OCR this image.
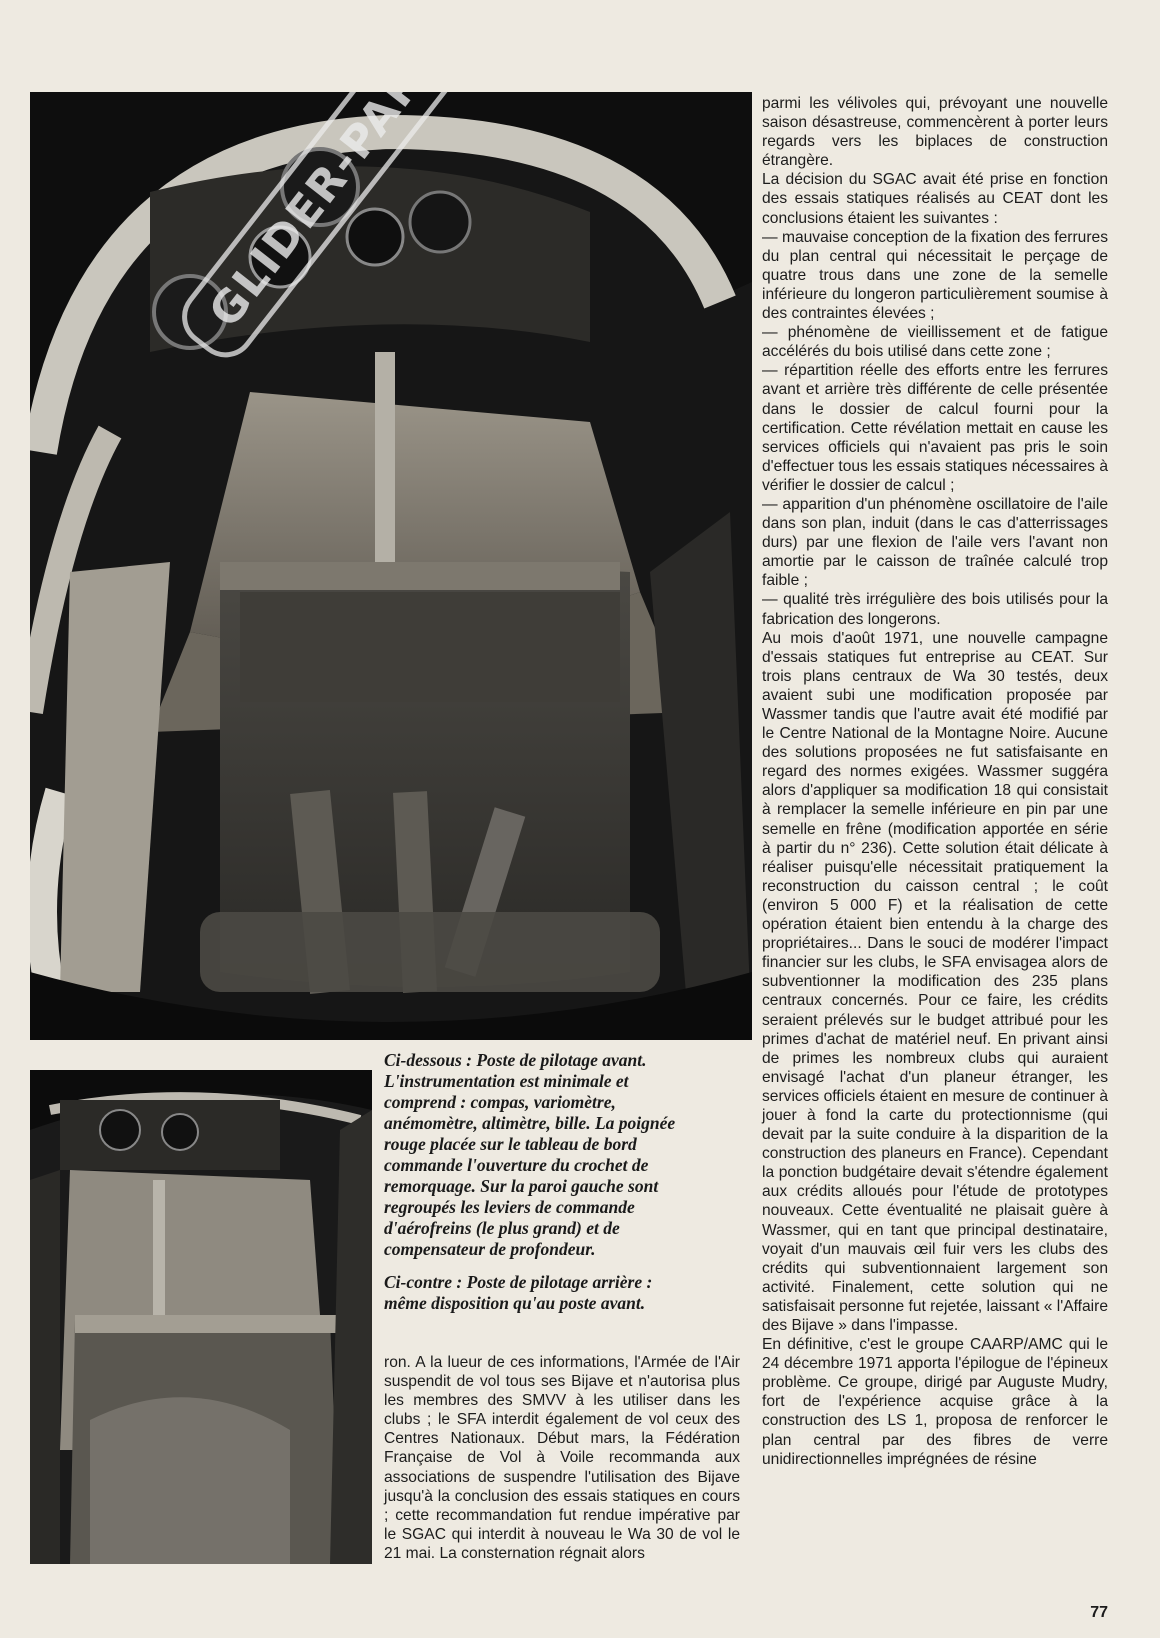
parmi les vélivoles qui, prévoyant une nouvelle saison désastreuse, commencèrent à porter leurs regards vers les biplaces de construction étrangère.

La décision du SGAC avait été prise en fonction des essais statiques réalisés au CEAT dont les conclusions étaient les suivantes :

— mauvaise conception de la fixation des ferrures du plan central qui nécessitait le perçage de quatre trous dans une zone de la semelle inférieure du longeron particulièrement soumise à des contraintes élevées ;

— phénomène de vieillissement et de fatigue accélérés du bois utilisé dans cette zone ;

— répartition réelle des efforts entre les ferrures avant et arrière très différente de celle présentée dans le dossier de calcul fourni pour la certification. Cette révélation mettait en cause les services officiels qui n'avaient pas pris le soin d'effectuer tous les essais statiques nécessaires à vérifier le dossier de calcul ;

— apparition d'un phénomène oscillatoire de l'aile dans son plan, induit (dans le cas d'atterrissages durs) par une flexion de l'aile vers l'avant non amortie par le caisson de traînée calculé trop faible ;

— qualité très irrégulière des bois utilisés pour la fabrication des longerons.

Au mois d'août 1971, une nouvelle campagne d'essais statiques fut entreprise au CEAT. Sur trois plans centraux de Wa 30 testés, deux avaient subi une modification proposée par Wassmer tandis que l'autre avait été modifié par le Centre National de la Montagne Noire. Aucune des solutions proposées ne fut satisfaisante en regard des normes exigées. Wassmer suggéra alors d'appliquer sa modification 18 qui consistait à remplacer la semelle inférieure en pin par une semelle en frêne (modification apportée en série à partir du n° 236). Cette solution était délicate à réaliser puisqu'elle nécessitait pratiquement la reconstruction du caisson central ; le coût (environ 5 000 F) et la réalisation de cette opération étaient bien entendu à la charge des propriétaires... Dans le souci de modérer l'impact financier sur les clubs, le SFA envisagea alors de subventionner la modification des 235 plans centraux concernés. Pour ce faire, les crédits seraient prélevés sur le budget attribué pour les primes d'achat de matériel neuf. En privant ainsi de primes les nombreux clubs qui auraient envisagé l'achat d'un planeur étranger, les services officiels étaient en mesure de continuer à jouer à fond la carte du protectionnisme (qui devait par la suite conduire à la disparition de la construction des planeurs en France). Cependant la ponction budgétaire devait s'étendre également aux crédits alloués pour l'étude de prototypes nouveaux. Cette éventualité ne plaisait guère à Wassmer, qui en tant que principal destinataire, voyait d'un mauvais œil fuir vers les clubs des crédits qui subventionnaient largement son activité. Finalement, cette solution qui ne satisfaisait personne fut rejetée, laissant « l'Affaire des Bijave » dans l'impasse.

En définitive, c'est le groupe CAARP/AMC qui le 24 décembre 1971 apporta l'épilogue de l'épineux problème. Ce groupe, dirigé par Auguste Mudry, fort de l'expérience acquise grâce à la construction des LS 1, proposa de renforcer le plan central par des fibres de verre unidirectionnelles imprégnées de résine

Ci-dessous : Poste de pilotage avant. L'instrumentation est minimale et comprend : compas, variomètre, anémomètre, altimètre, bille. La poignée rouge placée sur le tableau de bord commande l'ouverture du crochet de remorquage. Sur la paroi gauche sont regroupés les leviers de commande d'aérofreins (le plus grand) et de compensateur de profondeur.
Ci-contre : Poste de pilotage arrière : même disposition qu'au poste avant.

ron. A la lueur de ces informations, l'Armée de l'Air suspendit de vol tous ses Bijave et n'autorisa plus les membres des SMVV à les utiliser dans les clubs ; le SFA interdit également de vol ceux des Centres Nationaux. Début mars, la Fédération Française de Vol à Voile recommanda aux associations de suspendre l'utilisation des Bijave jusqu'à la conclusion des essais statiques en cours ; cette recommandation fut rendue impérative par le SGAC qui interdit à nouveau le Wa 30 de vol le 21 mai. La consternation régnait alors

77
